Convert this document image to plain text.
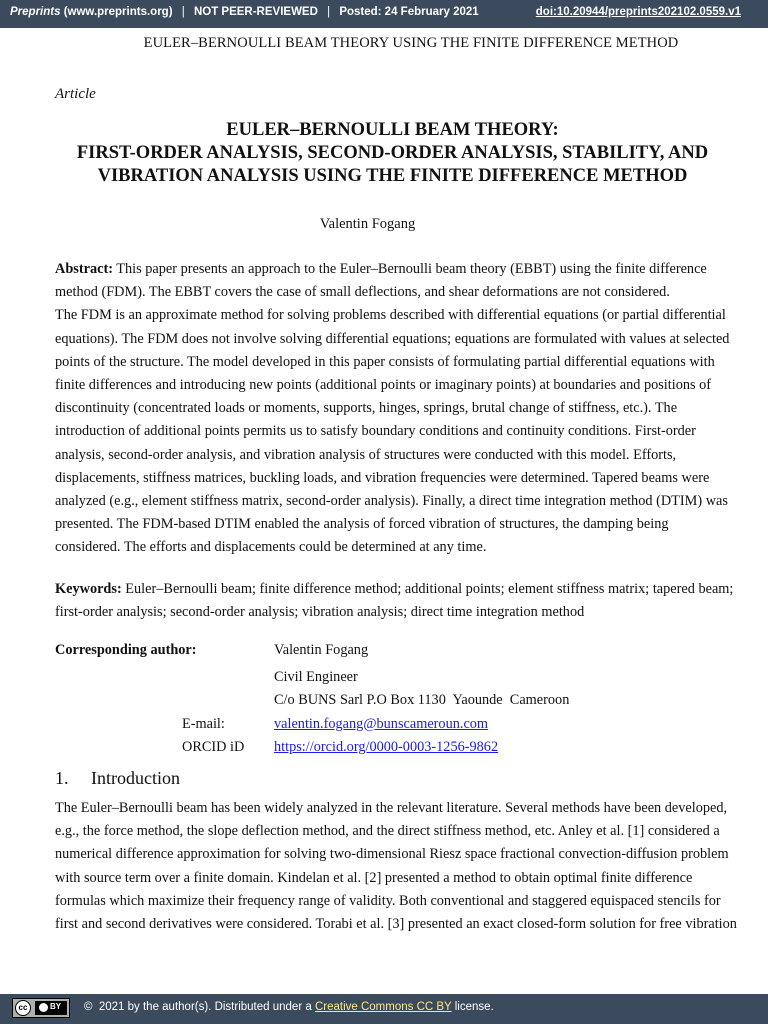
Preprints (www.preprints.org) | NOT PEER-REVIEWED | Posted: 24 February 2021	doi:10.20944/preprints202102.0559.v1
EULER‒BERNOULLI BEAM THEORY USING THE FINITE DIFFERENCE METHOD
Article
EULER‒BERNOULLI BEAM THEORY:
FIRST-ORDER ANALYSIS, SECOND-ORDER ANALYSIS, STABILITY, AND
VIBRATION ANALYSIS USING THE FINITE DIFFERENCE METHOD
Valentin Fogang

Abstract: This paper presents an approach to the Euler‒Bernoulli beam theory (EBBT) using the finite difference method (FDM). The EBBT covers the case of small deflections, and shear deformations are not considered.

The FDM is an approximate method for solving problems described with differential equations (or partial differential equations). The FDM does not involve solving differential equations; equations are formulated with values at selected points of the structure. The model developed in this paper consists of formulating partial differential equations with finite differences and introducing new points (additional points or imaginary points) at boundaries and positions of discontinuity (concentrated loads or moments, supports, hinges, springs, brutal change of stiffness, etc.). The introduction of additional points permits us to satisfy boundary conditions and continuity conditions. First-order analysis, second-order analysis, and vibration analysis of structures were conducted with this model. Efforts, displacements, stiffness matrices, buckling loads, and vibration frequencies were determined. Tapered beams were analyzed (e.g., element stiffness matrix, second-order analysis). Finally, a direct time integration method (DTIM) was presented. The FDM-based DTIM enabled the analysis of forced vibration of structures, the damping being considered. The efforts and displacements could be determined at any time.

Keywords: Euler‒Bernoulli beam; finite difference method; additional points; element stiffness matrix; tapered beam; first-order analysis; second-order analysis; vibration analysis; direct time integration method

Corresponding author:	Valentin Fogang
Civil Engineer
C/o BUNS Sarl P.O Box 1130  Yaounde  Cameroon
E-mail:	valentin.fogang@bunscameroun.com
ORCID iD https://orcid.org/0000-0003-1256-9862
1. Introduction

The Euler‒Bernoulli beam has been widely analyzed in the relevant literature. Several methods have been developed, e.g., the force method, the slope deflection method, and the direct stiffness method, etc. Anley et al. [1] considered a numerical difference approximation for solving two-dimensional Riesz space fractional convection-diffusion problem with source term over a finite domain. Kindelan et al. [2] presented a method to obtain optimal finite difference formulas which maximize their frequency range of validity. Both conventional and staggered equispaced stencils for first and second derivatives were considered. Torabi et al. [3] presented an exact closed-form solution for free vibration

cc	BY ©  2021 by the author(s). Distributed under a Creative Commons CC BY license.
